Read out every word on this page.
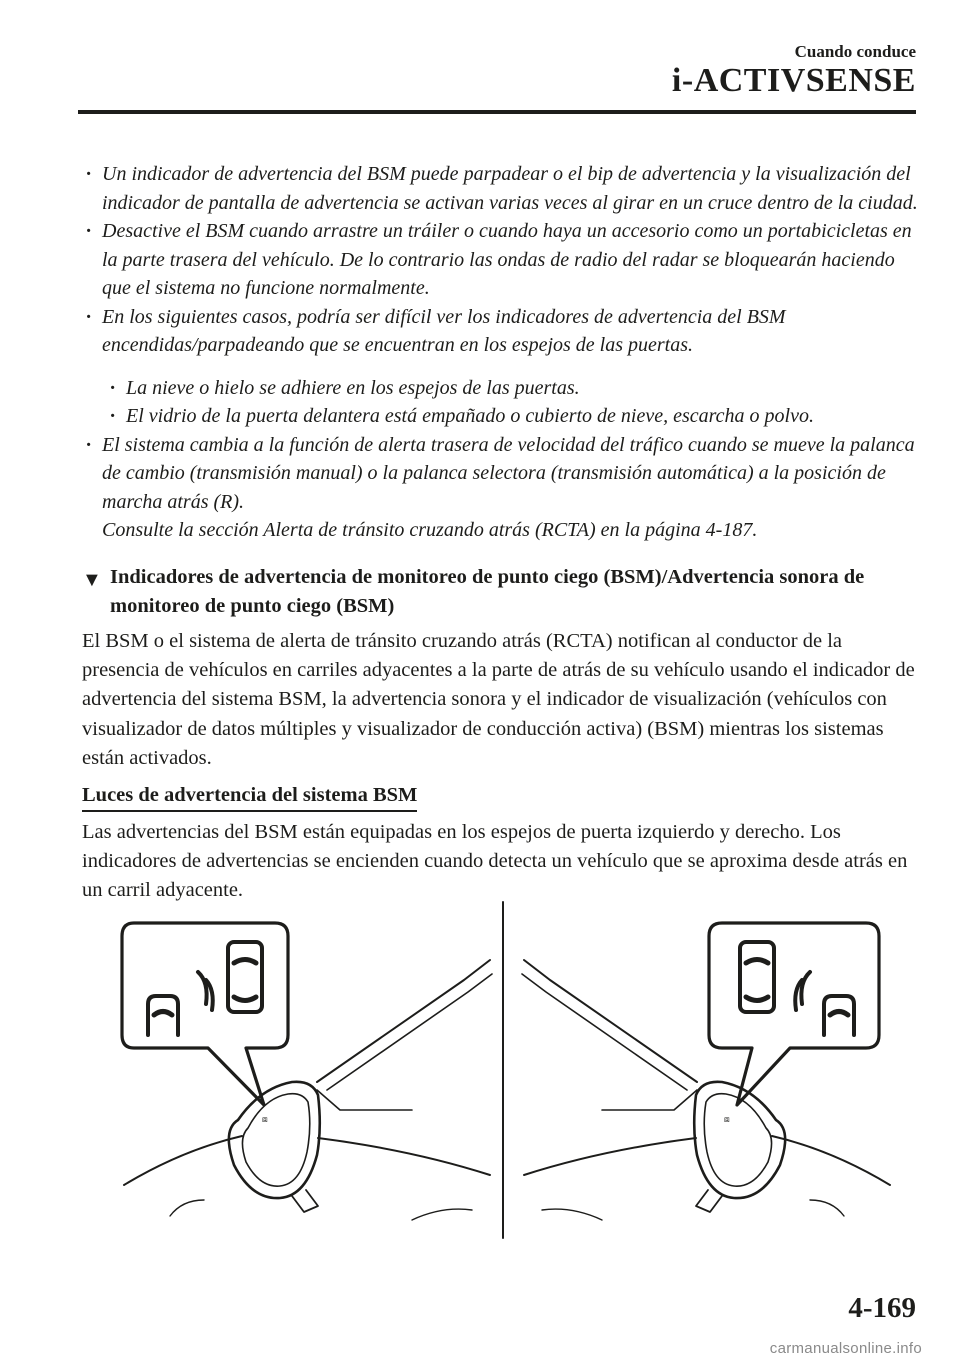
Cuando conduce
i-ACTIVSENSE
· Un indicador de advertencia del BSM puede parpadear o el bip de advertencia y la visualización del indicador de pantalla de advertencia se activan varias veces al girar en un cruce dentro de la ciudad.
· Desactive el BSM cuando arrastre un tráiler o cuando haya un accesorio como un portabicicletas en la parte trasera del vehículo. De lo contrario las ondas de radio del radar se bloquearán haciendo que el sistema no funcione normalmente.
· En los siguientes casos, podría ser difícil ver los indicadores de advertencia del BSM encendidas/parpadeando que se encuentran en los espejos de las puertas.
· La nieve o hielo se adhiere en los espejos de las puertas.
· El vidrio de la puerta delantera está empañado o cubierto de nieve, escarcha o polvo.
· El sistema cambia a la función de alerta trasera de velocidad del tráfico cuando se mueve la palanca de cambio (transmisión manual) o la palanca selectora (transmisión automática) a la posición de marcha atrás (R).
Consulte la sección Alerta de tránsito cruzando atrás (RCTA) en la página 4-187.
▼ Indicadores de advertencia de monitoreo de punto ciego (BSM)/Advertencia sonora de monitoreo de punto ciego (BSM)
El BSM o el sistema de alerta de tránsito cruzando atrás (RCTA) notifican al conductor de la presencia de vehículos en carriles adyacentes a la parte de atrás de su vehículo usando el indicador de advertencia del sistema BSM, la advertencia sonora y el indicador de visualización (vehículos con visualizador de datos múltiples y visualizador de conducción activa) (BSM) mientras los sistemas están activados.
Luces de advertencia del sistema BSM
Las advertencias del BSM están equipadas en los espejos de puerta izquierdo y derecho. Los indicadores de advertencias se encienden cuando detecta un vehículo que se aproxima desde atrás en un carril adyacente.
⧈	⧈
4-169
carmanualsonline.info
